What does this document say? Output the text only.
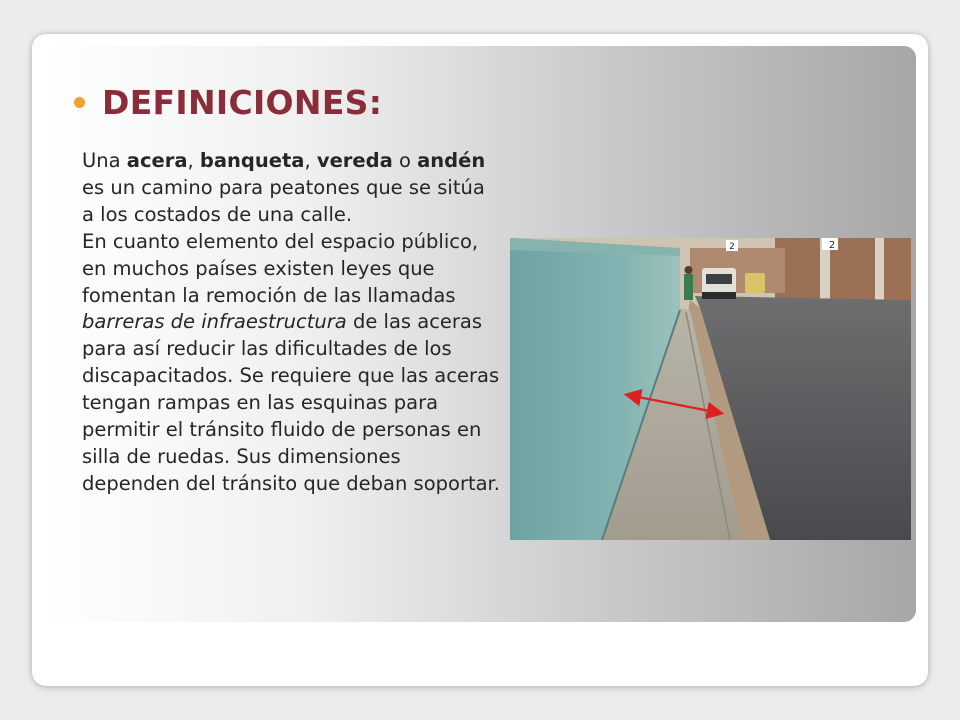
DEFINICIONES:

Una acera, banqueta, vereda o andén es un camino para peatones que se sitúa a los costados de una calle.

En cuanto elemento del espacio público, en muchos países existen leyes que fomentan la remoción de las llamadas barreras de infraestructura de las aceras para así reducir las dificultades de los discapacitados. Se requiere que las aceras tengan rampas en las esquinas para permitir el tránsito fluido de personas en silla de ruedas. Sus dimensiones dependen del tránsito que deban soportar.

2	2
